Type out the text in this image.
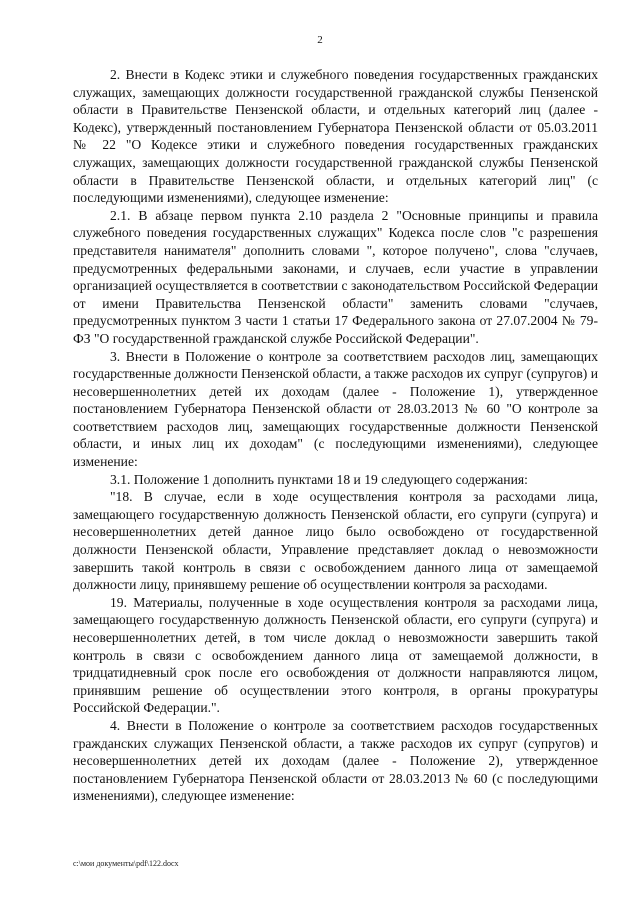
2

2. Внести в Кодекс этики и служебного поведения государственных гражданских служащих, замещающих должности государственной гражданской службы Пензенской области в Правительстве Пензенской области, и отдельных категорий лиц (далее - Кодекс), утвержденный постановлением Губернатора Пензенской области от 05.03.2011 № 22 "О Кодексе этики и служебного поведения государственных гражданских служащих, замещающих должности государственной гражданской службы Пензенской области в Правительстве Пензенской области, и отдельных категорий лиц" (с последующими изменениями), следующее изменение:

2.1. В абзаце первом пункта 2.10 раздела 2 "Основные принципы и правила служебного поведения государственных служащих" Кодекса после слов "с разрешения представителя нанимателя" дополнить словами ", которое получено", слова "случаев, предусмотренных федеральными законами, и случаев, если участие в управлении организацией осуществляется в соответствии с законодательством Российской Федерации от имени Правительства Пензенской области" заменить словами "случаев, предусмотренных пунктом 3 части 1 статьи 17 Федерального закона от 27.07.2004 № 79-ФЗ "О государственной гражданской службе Российской Федерации".

3. Внести в Положение о контроле за соответствием расходов лиц, замещающих государственные должности Пензенской области, а также расходов их супруг (супругов) и несовершеннолетних детей их доходам (далее - Положение 1), утвержденное постановлением Губернатора Пензенской области от 28.03.2013 № 60 "О контроле за соответствием расходов лиц, замещающих государственные должности Пензенской области, и иных лиц их доходам" (с последующими изменениями), следующее изменение:

3.1. Положение 1 дополнить пунктами 18 и 19 следующего содержания:

"18. В случае, если в ходе осуществления контроля за расходами лица, замещающего государственную должность Пензенской области, его супруги (супруга) и несовершеннолетних детей данное лицо было освобождено от государственной должности Пензенской области, Управление представляет доклад о невозможности завершить такой контроль в связи с освобождением данного лица от замещаемой должности лицу, принявшему решение об осуществлении контроля за расходами.

19. Материалы, полученные в ходе осуществления контроля за расходами лица, замещающего государственную должность Пензенской области, его супруги (супруга) и несовершеннолетних детей, в том числе доклад о невозможности завершить такой контроль в связи с освобождением данного лица от замещаемой должности, в тридцатидневный срок после его освобождения от должности направляются лицом, принявшим решение об осуществлении этого контроля, в органы прокуратуры Российской Федерации.".

4. Внести в Положение о контроле за соответствием расходов государственных гражданских служащих Пензенской области, а также расходов их супруг (супругов) и несовершеннолетних детей их доходам (далее - Положение 2), утвержденное постановлением Губернатора Пензенской области от 28.03.2013 № 60 (с последующими изменениями), следующее изменение:

c:\мои документы\pdf\122.docx
